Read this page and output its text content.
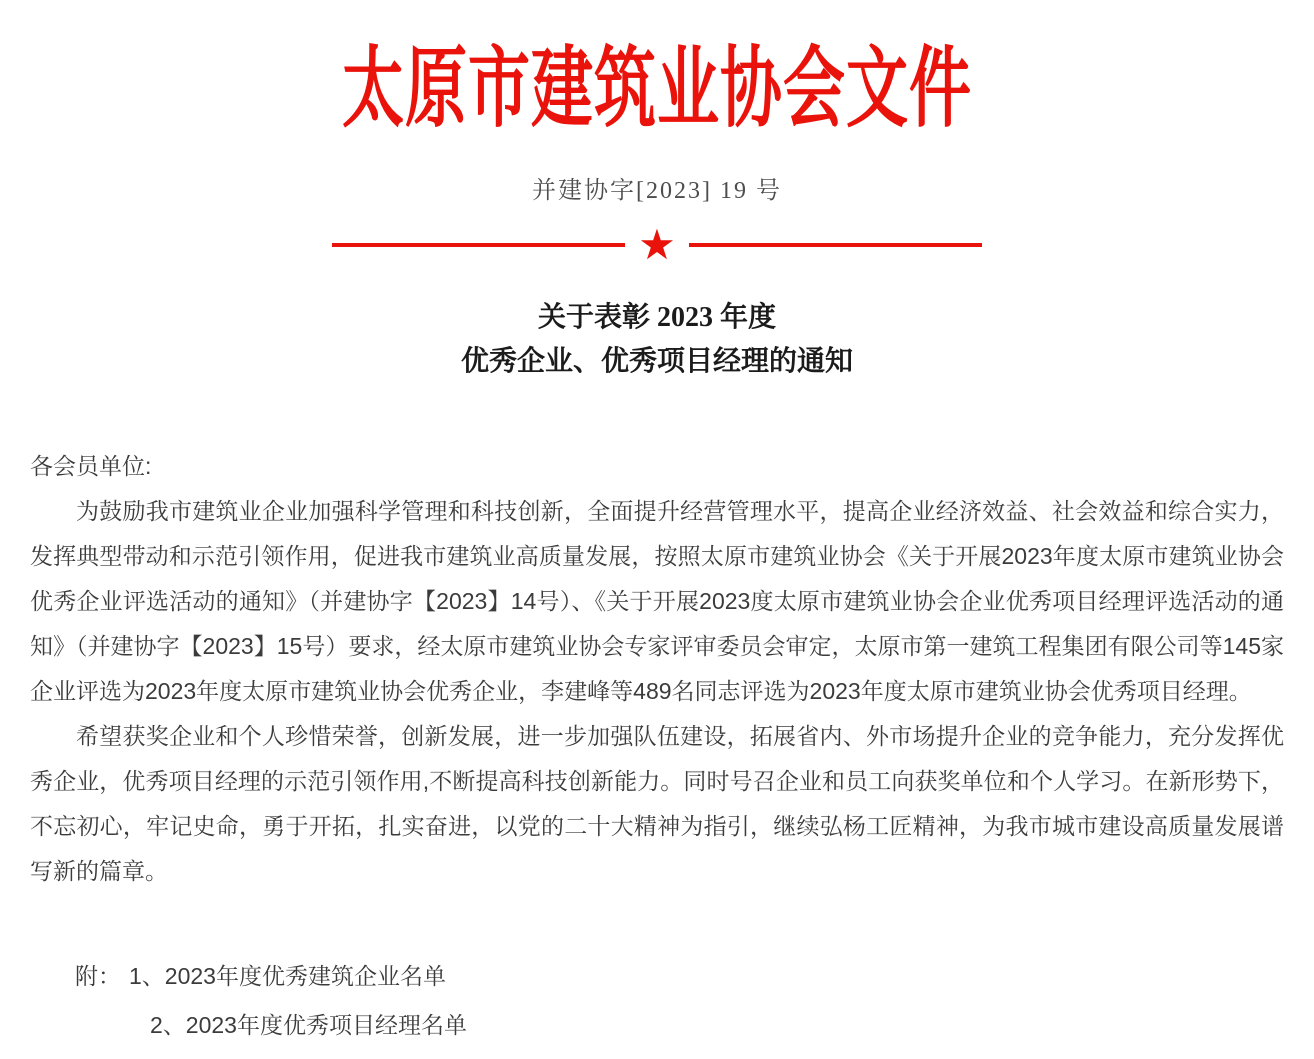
太原市建筑业协会文件
并建协字[2023] 19 号
★
关于表彰 2023 年度
优秀企业、优秀项目经理的通知

各会员单位:

为鼓励我市建筑业企业加强科学管理和科技创新，全面提升经营管理水平，提高企业经济效益、社会效益和综合实力，发挥典型带动和示范引领作用，促进我市建筑业高质量发展，按照太原市建筑业协会《关于开展2023年度太原市建筑业协会优秀企业评选活动的通知》（并建协字【2023】14号）、《关于开展2023度太原市建筑业协会企业优秀项目经理评选活动的通知》（并建协字【2023】15号）要求，经太原市建筑业协会专家评审委员会审定，太原市第一建筑工程集团有限公司等145家企业评选为2023年度太原市建筑业协会优秀企业，李建峰等489名同志评选为2023年度太原市建筑业协会优秀项目经理。

希望获奖企业和个人珍惜荣誉，创新发展，进一步加强队伍建设，拓展省内、外市场提升企业的竞争能力，充分发挥优秀企业，优秀项目经理的示范引领作用,不断提高科技创新能力。同时号召企业和员工向获奖单位和个人学习。在新形势下，不忘初心，牢记史命，勇于开拓，扎实奋进，以党的二十大精神为指引，继续弘杨工匠精神，为我市城市建设高质量发展谱写新的篇章。

附： 1、2023年度优秀建筑企业名单
2、2023年度优秀项目经理名单
